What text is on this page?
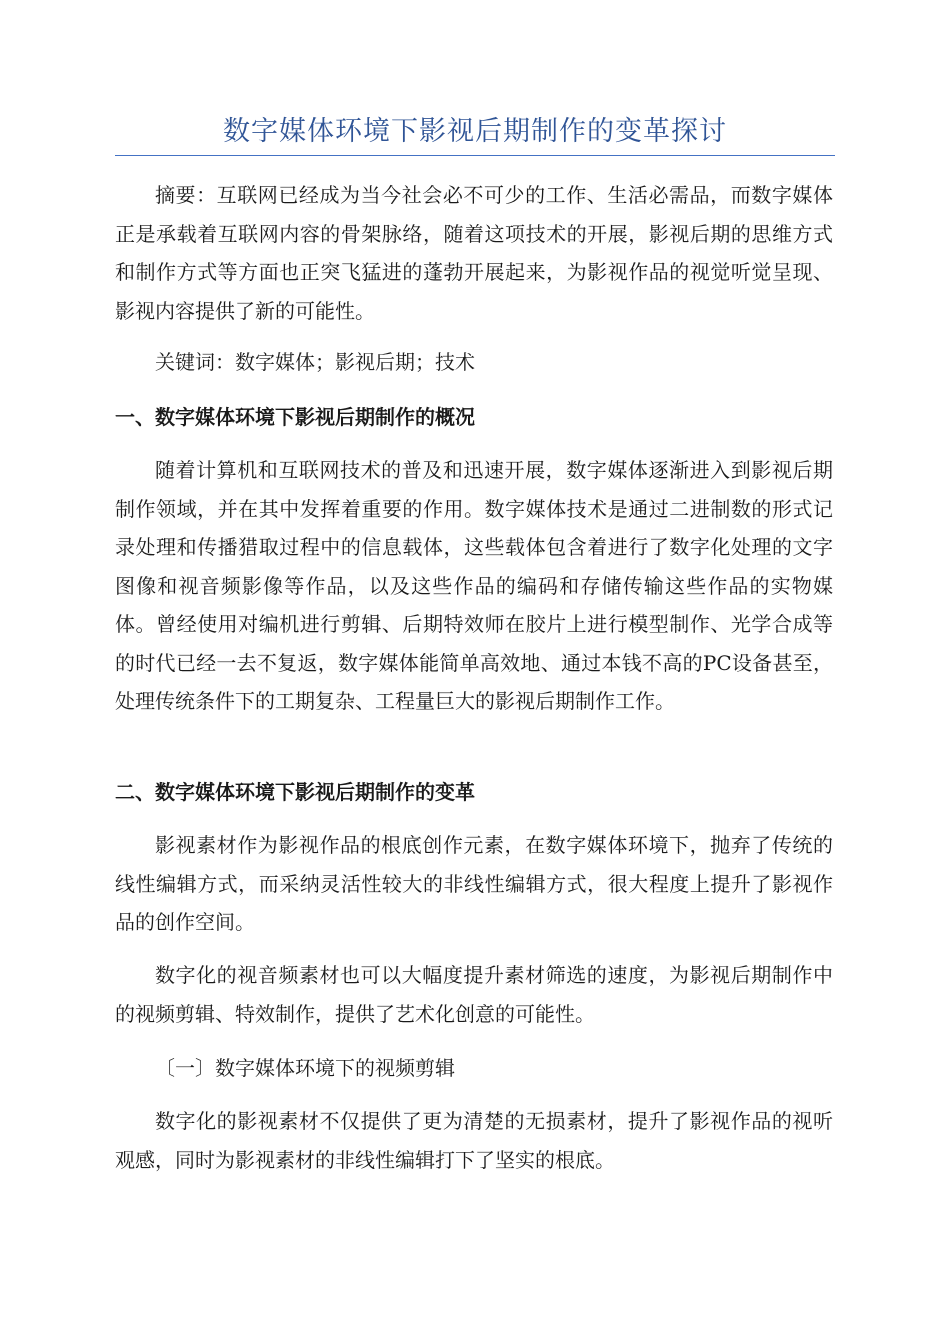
数字媒体环境下影视后期制作的变革探讨

摘要：互联网已经成为当今社会必不可少的工作、生活必需品，而数字媒体正是承载着互联网内容的骨架脉络，随着这项技术的开展，影视后期的思维方式和制作方式等方面也正突飞猛进的蓬勃开展起来，为影视作品的视觉听觉呈现、影视内容提供了新的可能性。

关键词：数字媒体；影视后期；技术

一、数字媒体环境下影视后期制作的概况

随着计算机和互联网技术的普及和迅速开展，数字媒体逐渐进入到影视后期制作领域，并在其中发挥着重要的作用。数字媒体技术是通过二进制数的形式记录处理和传播猎取过程中的信息载体，这些载体包含着进行了数字化处理的文字图像和视音频影像等作品，以及这些作品的编码和存储传输这些作品的实物媒体。曾经使用对编机进行剪辑、后期特效师在胶片上进行模型制作、光学合成等的时代已经一去不复返，数字媒体能简单高效地、通过本钱不高的PC设备甚至，处理传统条件下的工期复杂、工程量巨大的影视后期制作工作。

二、数字媒体环境下影视后期制作的变革

影视素材作为影视作品的根底创作元素，在数字媒体环境下，抛弃了传统的线性编辑方式，而采纳灵活性较大的非线性编辑方式，很大程度上提升了影视作品的创作空间。

数字化的视音频素材也可以大幅度提升素材筛选的速度，为影视后期制作中的视频剪辑、特效制作，提供了艺术化创意的可能性。

〔一〕数字媒体环境下的视频剪辑

数字化的影视素材不仅提供了更为清楚的无损素材，提升了影视作品的视听观感，同时为影视素材的非线性编辑打下了坚实的根底。
